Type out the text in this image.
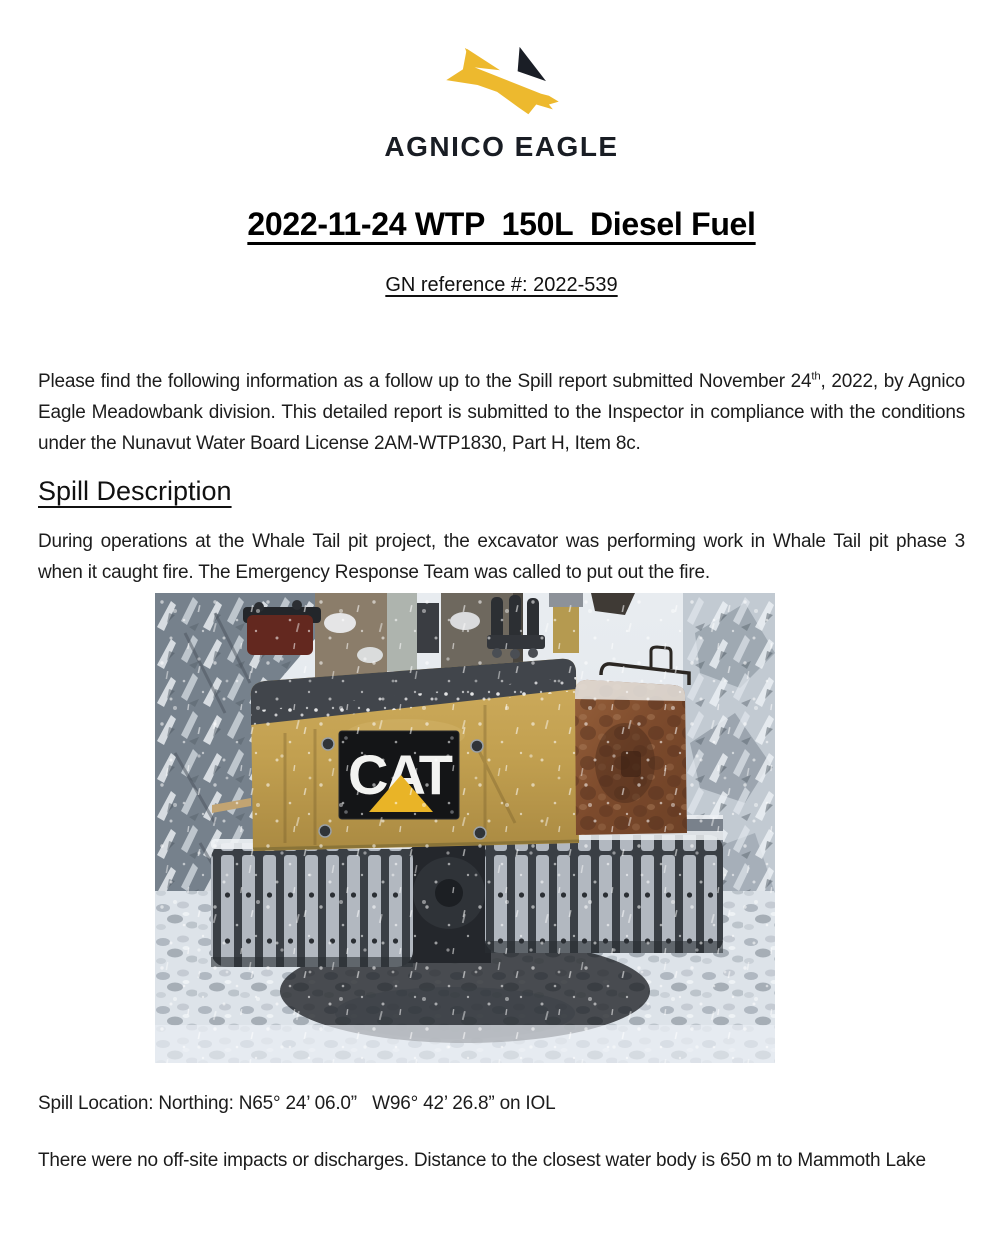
AGNICO EAGLE
2022-11-24 WTP  150L  Diesel Fuel
GN reference #: 2022-539

Please find the following information as a follow up to the Spill report submitted November 24th, 2022, by Agnico Eagle Meadowbank division. This detailed report is submitted to the Inspector in compliance with the conditions under the Nunavut Water Board License 2AM-WTP1830, Part H, Item 8c.

Spill Description

During operations at the Whale Tail pit project, the excavator was performing work in Whale Tail pit phase 3 when it caught fire. The Emergency Response Team was called to put out the fire.

Spill Location: Northing: N65° 24’ 06.0”   W96° 42’ 26.8” on IOL

There were no off-site impacts or discharges. Distance to the closest water body is 650 m to Mammoth Lake
